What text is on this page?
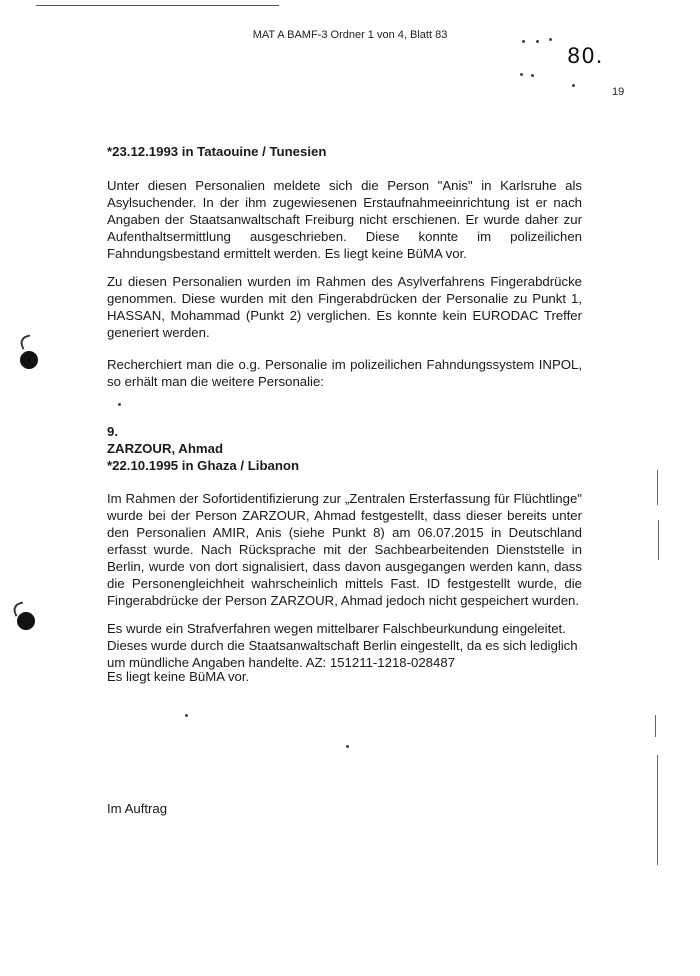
MAT A BAMF-3 Ordner 1 von 4, Blatt 83
80.
19
*23.12.1993 in Tataouine / Tunesien
Unter diesen Personalien meldete sich die Person "Anis" in Karlsruhe als Asylsuchender. In der ihm zugewiesenen Erstaufnahmeeinrichtung ist er nach Angaben der Staatsanwaltschaft Freiburg nicht erschienen. Er wurde daher zur Aufenthaltsermittlung ausgeschrieben. Diese konnte im polizeilichen Fahndungsbestand ermittelt werden. Es liegt keine BüMA vor.
Zu diesen Personalien wurden im Rahmen des Asylverfahrens Fingerabdrücke genommen. Diese wurden mit den Fingerabdrücken der Personalie zu Punkt 1, HASSAN, Mohammad (Punkt 2) verglichen. Es konnte kein EURODAC Treffer generiert werden.
Recherchiert man die o.g. Personalie im polizeilichen Fahndungssystem INPOL, so erhält man die weitere Personalie:
9.
ZARZOUR, Ahmad
*22.10.1995 in Ghaza / Libanon
Im Rahmen der Sofortidentifizierung zur „Zentralen Ersterfassung für Flüchtlinge" wurde bei der Person ZARZOUR, Ahmad festgestellt, dass dieser bereits unter den Personalien AMIR, Anis (siehe Punkt 8) am 06.07.2015 in Deutschland erfasst wurde. Nach Rücksprache mit der Sachbearbeitenden Dienststelle in Berlin, wurde von dort signalisiert, dass davon ausgegangen werden kann, dass die Personengleichheit wahrscheinlich mittels Fast. ID festgestellt wurde, die Fingerabdrücke der Person ZARZOUR, Ahmad jedoch nicht gespeichert wurden.
Es wurde ein Strafverfahren wegen mittelbarer Falschbeurkundung eingeleitet.
Dieses wurde durch die Staatsanwaltschaft Berlin eingestellt, da es sich lediglich um mündliche Angaben handelte. AZ: 151211-1218-028487
Es liegt keine BüMA vor.
Im Auftrag
